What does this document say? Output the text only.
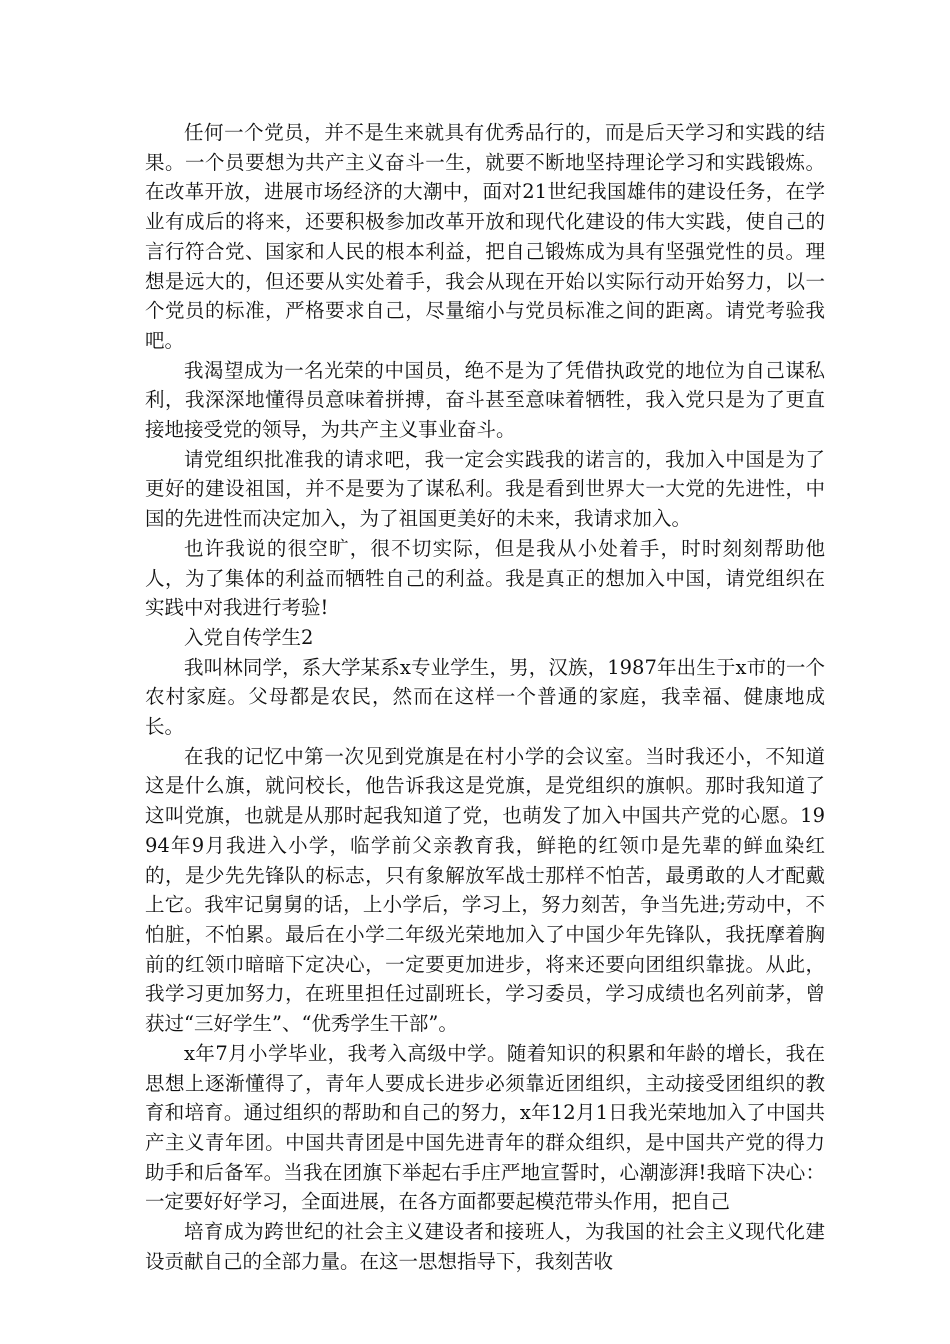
任何一个党员，并不是生来就具有优秀品行的，而是后天学习和实践的结果。一个员要想为共产主义奋斗一生，就要不断地坚持理论学习和实践锻炼。在改革开放，进展市场经济的大潮中，面对21世纪我国雄伟的建设任务，在学业有成后的将来，还要积极参加改革开放和现代化建设的伟大实践，使自己的言行符合党、国家和人民的根本利益，把自己锻炼成为具有坚强党性的员。理想是远大的，但还要从实处着手，我会从现在开始以实际行动开始努力，以一个党员的标准，严格要求自己，尽量缩小与党员标准之间的距离。请党考验我吧。

我渴望成为一名光荣的中国员，绝不是为了凭借执政党的地位为自己谋私利，我深深地懂得员意味着拼搏，奋斗甚至意味着牺牲，我入党只是为了更直接地接受党的领导，为共产主义事业奋斗。

请党组织批准我的请求吧，我一定会实践我的诺言的，我加入中国是为了更好的建设祖国，并不是要为了谋私利。我是看到世界大一大党的先进性，中国的先进性而决定加入，为了祖国更美好的未来，我请求加入。

也许我说的很空旷，很不切实际，但是我从小处着手，时时刻刻帮助他人，为了集体的利益而牺牲自己的利益。我是真正的想加入中国，请党组织在实践中对我进行考验!

入党自传学生2

我叫林同学，系大学某系x专业学生，男，汉族，1987年出生于x市的一个农村家庭。父母都是农民，然而在这样一个普通的家庭，我幸福、健康地成长。

在我的记忆中第一次见到党旗是在村小学的会议室。当时我还小，不知道这是什么旗，就问校长，他告诉我这是党旗，是党组织的旗帜。那时我知道了这叫党旗，也就是从那时起我知道了党，也萌发了加入中国共产党的心愿。1994年9月我进入小学，临学前父亲教育我，鲜艳的红领巾是先辈的鲜血染红的，是少先先锋队的标志，只有象解放军战士那样不怕苦，最勇敢的人才配戴上它。我牢记舅舅的话，上小学后，学习上，努力刻苦，争当先进;劳动中，不怕脏，不怕累。最后在小学二年级光荣地加入了中国少年先锋队，我抚摩着胸前的红领巾暗暗下定决心，一定要更加进步，将来还要向团组织靠拢。从此，我学习更加努力，在班里担任过副班长，学习委员，学习成绩也名列前茅，曾获过“三好学生”、“优秀学生干部”。

x年7月小学毕业，我考入高级中学。随着知识的积累和年龄的增长，我在思想上逐渐懂得了，青年人要成长进步必须靠近团组织，主动接受团组织的教育和培育。通过组织的帮助和自己的努力，x年12月1日我光荣地加入了中国共产主义青年团。中国共青团是中国先进青年的群众组织，是中国共产党的得力助手和后备军。当我在团旗下举起右手庄严地宣誓时，心潮澎湃!我暗下决心：一定要好好学习，全面进展，在各方面都要起模范带头作用，把自己

培育成为跨世纪的社会主义建设者和接班人，为我国的社会主义现代化建设贡献自己的全部力量。在这一思想指导下，我刻苦收
